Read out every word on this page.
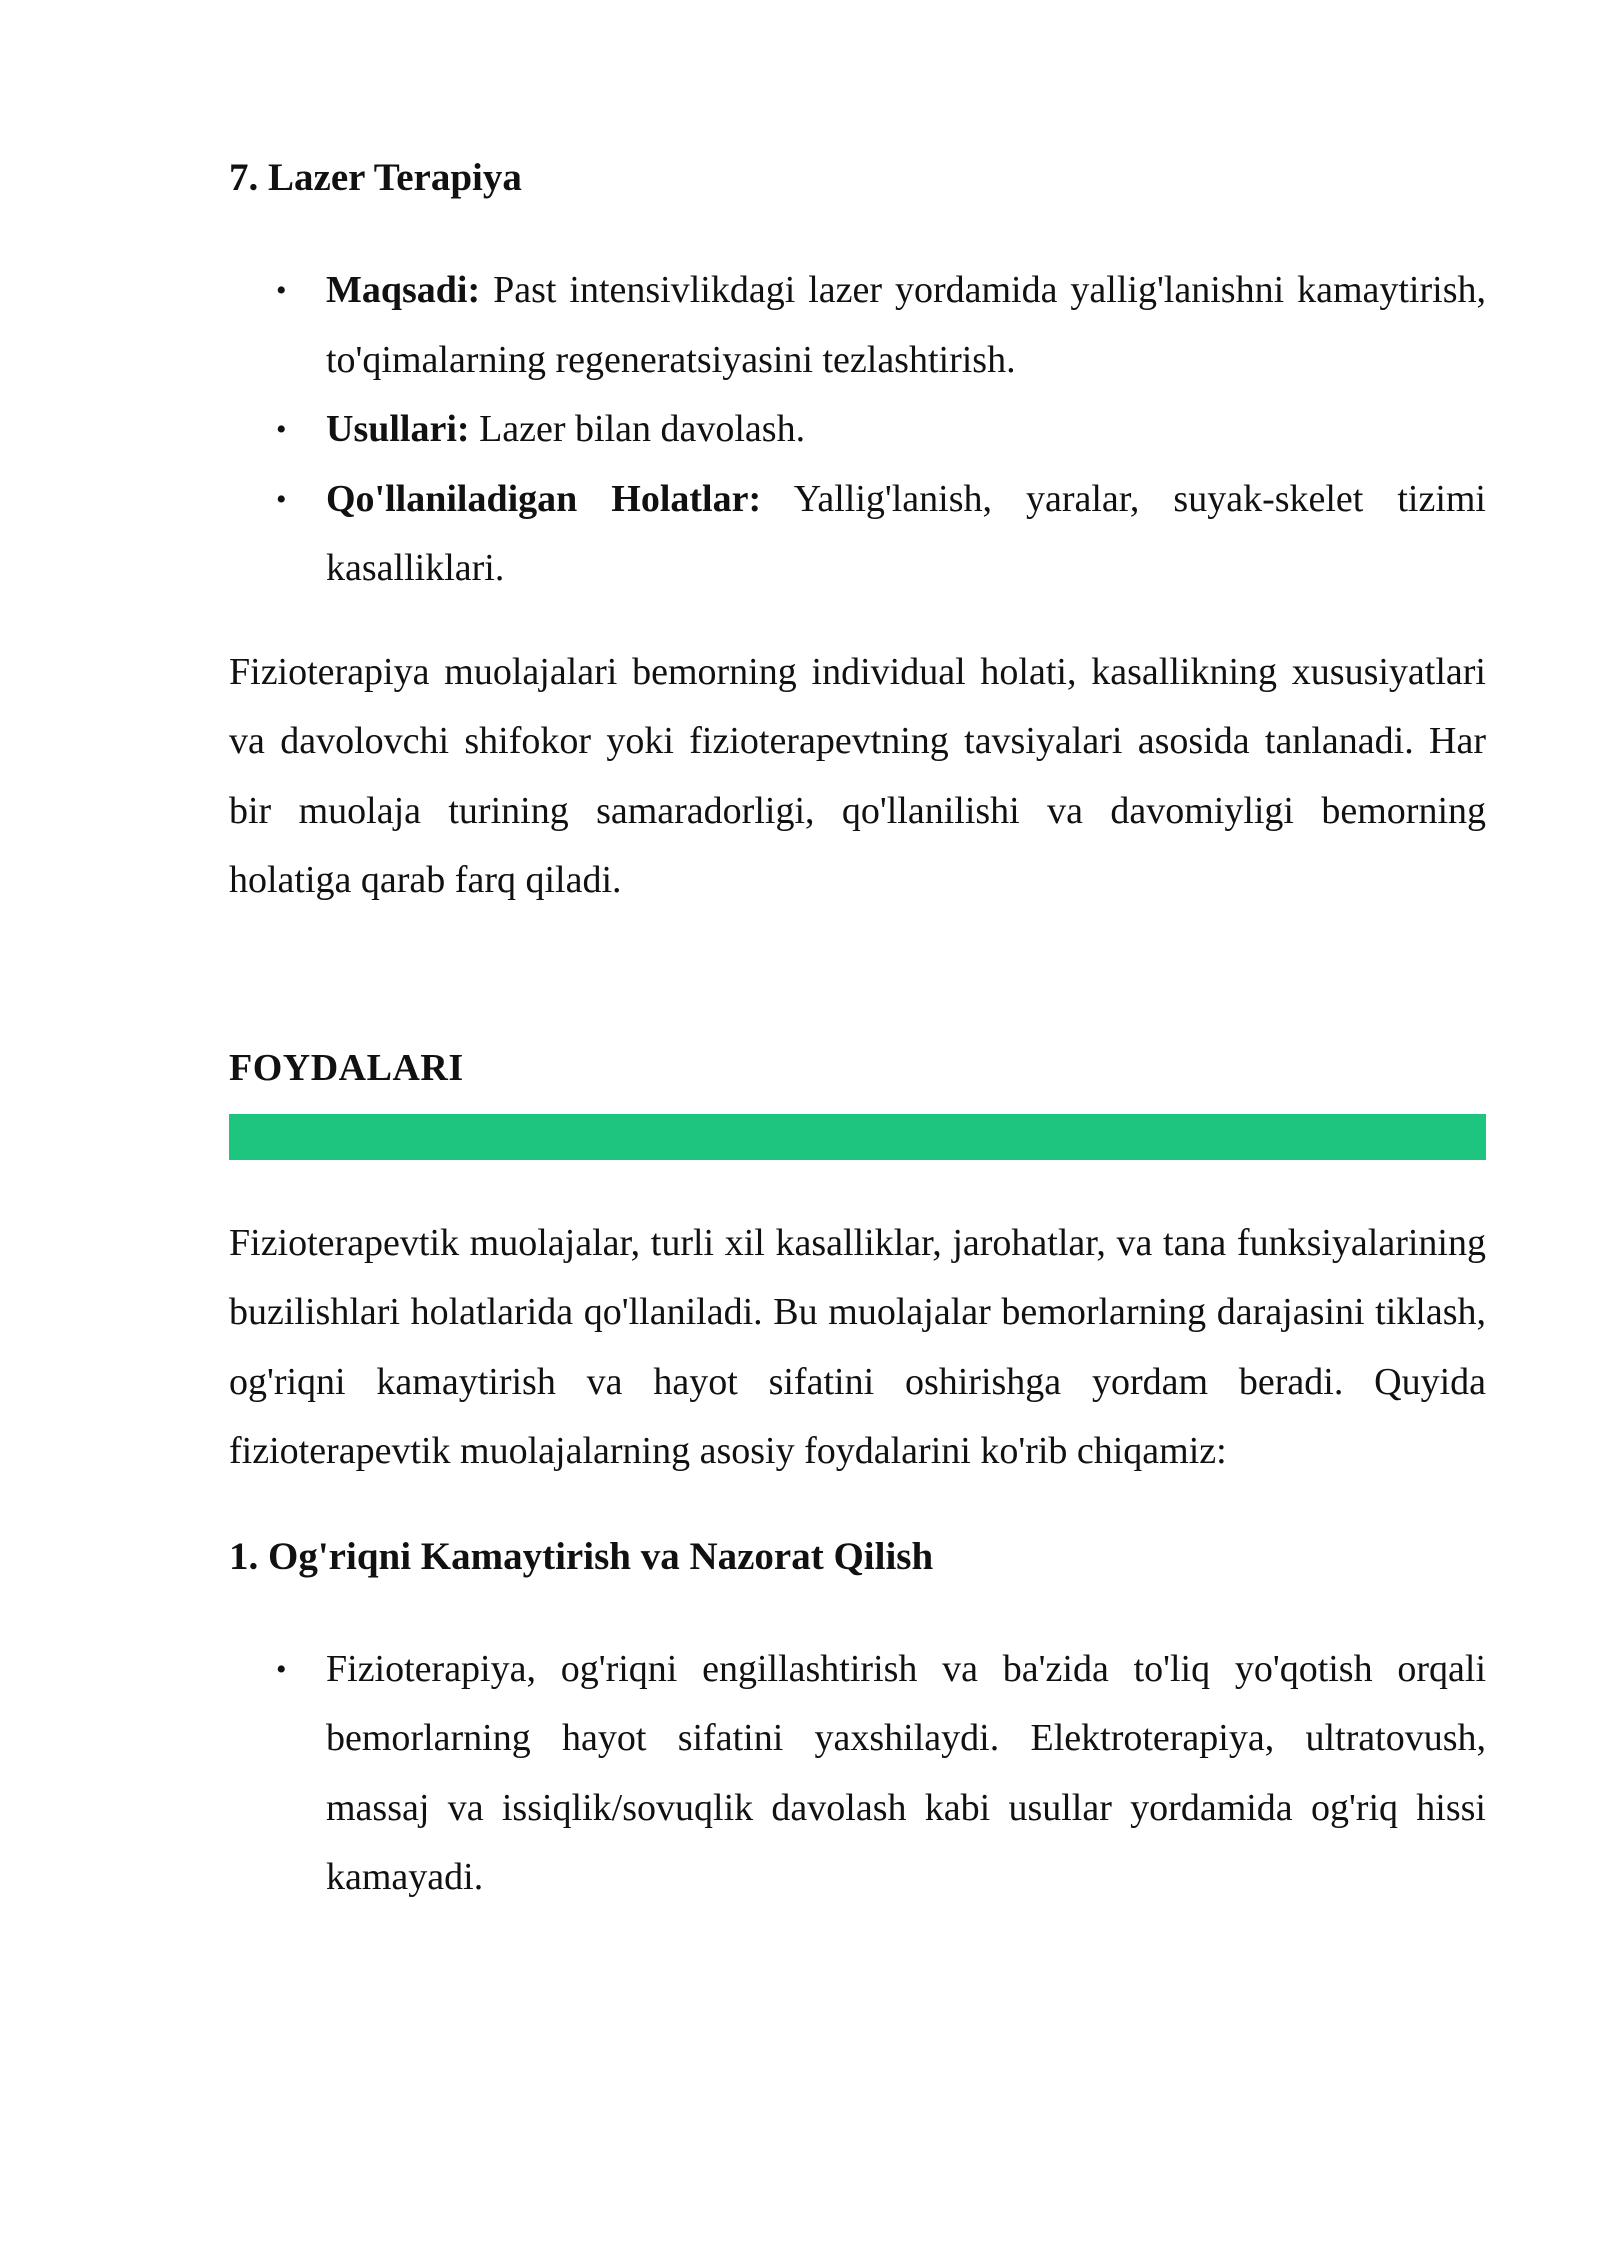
7. Lazer Terapiya
• Maqsadi: Past intensivlikdagi lazer yordamida yallig'lanishni kamaytirish, to'qimalarning regeneratsiyasini tezlashtirish.
• Usullari: Lazer bilan davolash.
• Qo'llaniladigan Holatlar: Yallig'lanish, yaralar, suyak-skelet tizimi kasalliklari.

Fizioterapiya muolajalari bemorning individual holati, kasallikning xususiyatlari va davolovchi shifokor yoki fizioterapevtning tavsiyalari asosida tanlanadi. Har bir muolaja turining samaradorligi, qo'llanilishi va davomiyligi bemorning holatiga qarab farq qiladi.

FOYDALARI

Fizioterapevtik muolajalar, turli xil kasalliklar, jarohatlar, va tana funksiyalarining buzilishlari holatlarida qo'llaniladi. Bu muolajalar bemorlarning darajasini tiklash, og'riqni kamaytirish va hayot sifatini oshirishga yordam beradi. Quyida fizioterapevtik muolajalarning asosiy foydalarini ko'rib chiqamiz:

1. Og'riqni Kamaytirish va Nazorat Qilish
• Fizioterapiya, og'riqni engillashtirish va ba'zida to'liq yo'qotish orqali bemorlarning hayot sifatini yaxshilaydi. Elektroterapiya, ultratovush, massaj va issiqlik/sovuqlik davolash kabi usullar yordamida og'riq hissi kamayadi.
